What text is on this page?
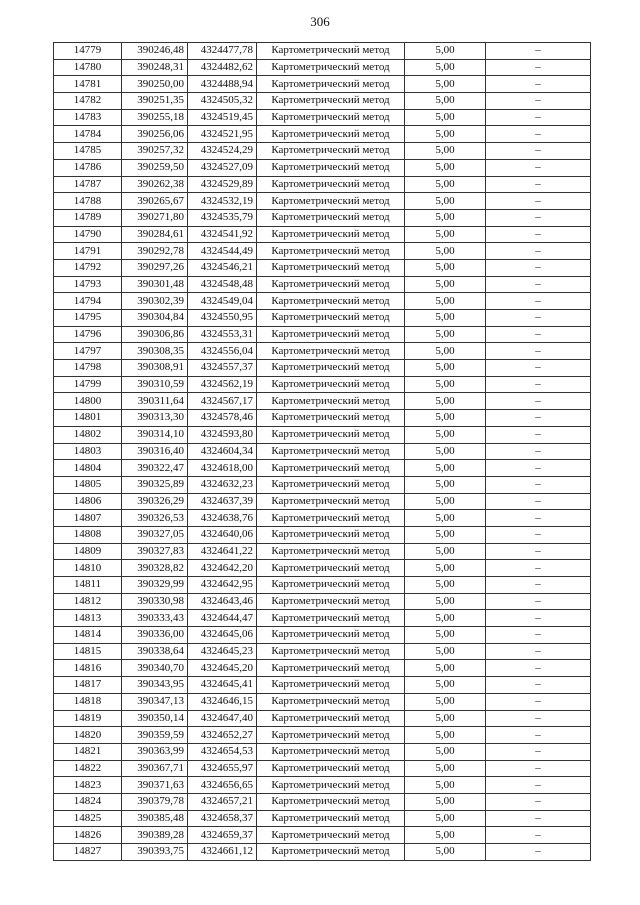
306
14779	390246,48	4324477,78	Картометрический метод	5,00	–
14780	390248,31	4324482,62	Картометрический метод	5,00	–
14781	390250,00	4324488,94	Картометрический метод	5,00	–
14782	390251,35	4324505,32	Картометрический метод	5,00	–
14783	390255,18	4324519,45	Картометрический метод	5,00	–
14784	390256,06	4324521,95	Картометрический метод	5,00	–
14785	390257,32	4324524,29	Картометрический метод	5,00	–
14786	390259,50	4324527,09	Картометрический метод	5,00	–
14787	390262,38	4324529,89	Картометрический метод	5,00	–
14788	390265,67	4324532,19	Картометрический метод	5,00	–
14789	390271,80	4324535,79	Картометрический метод	5,00	–
14790	390284,61	4324541,92	Картометрический метод	5,00	–
14791	390292,78	4324544,49	Картометрический метод	5,00	–
14792	390297,26	4324546,21	Картометрический метод	5,00	–
14793	390301,48	4324548,48	Картометрический метод	5,00	–
14794	390302,39	4324549,04	Картометрический метод	5,00	–
14795	390304,84	4324550,95	Картометрический метод	5,00	–
14796	390306,86	4324553,31	Картометрический метод	5,00	–
14797	390308,35	4324556,04	Картометрический метод	5,00	–
14798	390308,91	4324557,37	Картометрический метод	5,00	–
14799	390310,59	4324562,19	Картометрический метод	5,00	–
14800	390311,64	4324567,17	Картометрический метод	5,00	–
14801	390313,30	4324578,46	Картометрический метод	5,00	–
14802	390314,10	4324593,80	Картометрический метод	5,00	–
14803	390316,40	4324604,34	Картометрический метод	5,00	–
14804	390322,47	4324618,00	Картометрический метод	5,00	–
14805	390325,89	4324632,23	Картометрический метод	5,00	–
14806	390326,29	4324637,39	Картометрический метод	5,00	–
14807	390326,53	4324638,76	Картометрический метод	5,00	–
14808	390327,05	4324640,06	Картометрический метод	5,00	–
14809	390327,83	4324641,22	Картометрический метод	5,00	–
14810	390328,82	4324642,20	Картометрический метод	5,00	–
14811	390329,99	4324642,95	Картометрический метод	5,00	–
14812	390330,98	4324643,46	Картометрический метод	5,00	–
14813	390333,43	4324644,47	Картометрический метод	5,00	–
14814	390336,00	4324645,06	Картометрический метод	5,00	–
14815	390338,64	4324645,23	Картометрический метод	5,00	–
14816	390340,70	4324645,20	Картометрический метод	5,00	–
14817	390343,95	4324645,41	Картометрический метод	5,00	–
14818	390347,13	4324646,15	Картометрический метод	5,00	–
14819	390350,14	4324647,40	Картометрический метод	5,00	–
14820	390359,59	4324652,27	Картометрический метод	5,00	–
14821	390363,99	4324654,53	Картометрический метод	5,00	–
14822	390367,71	4324655,97	Картометрический метод	5,00	–
14823	390371,63	4324656,65	Картометрический метод	5,00	–
14824	390379,78	4324657,21	Картометрический метод	5,00	–
14825	390385,48	4324658,37	Картометрический метод	5,00	–
14826	390389,28	4324659,37	Картометрический метод	5,00	–
14827	390393,75	4324661,12	Картометрический метод	5,00	–
